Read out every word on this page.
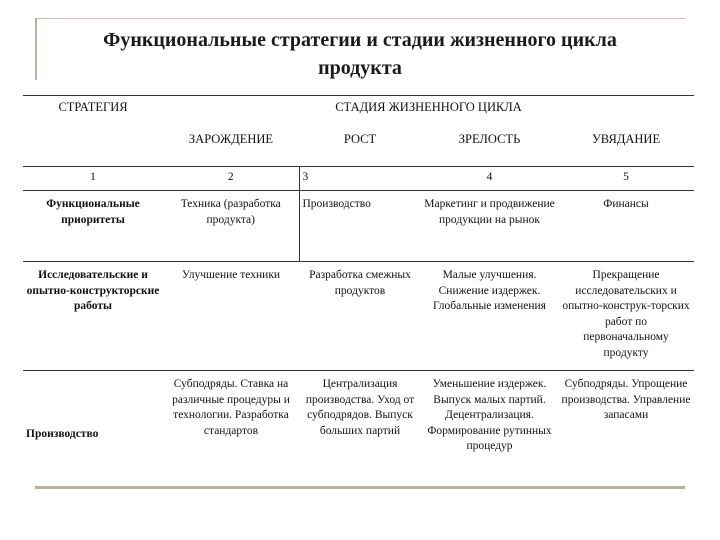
Функциональные стратегии и стадии жизненного цикла
продукта
СТРАТЕГИЯ	СТАДИЯ ЖИЗНЕННОГО ЦИКЛА			
	ЗАРОЖДЕНИЕ	РОСТ	ЗРЕЛОСТЬ	УВЯДАНИЕ
1	2	3	4	5
Функциональные приоритеты	Техника (разработка продукта)	Производство	Маркетинг и продвижение продукции на рынок	Финансы
Исследовательские и опытно-конструкторские работы	Улучшение техники	Разработка смежных продуктов	Малые улучшения. Снижение издержек. Глобальные изменения	Прекращение исследовательских и опытно-конструк-торских работ по первоначальному продукту
Производство	Субподряды. Ставка на различные процедуры и технологии. Разработка стандартов	Централизация производства. Уход от субподрядов. Выпуск больших партий	Уменьшение издержек. Выпуск малых партий. Децентрализация. Формирование рутинных процедур	Субподряды. Упрощение производства. Управление запасами
